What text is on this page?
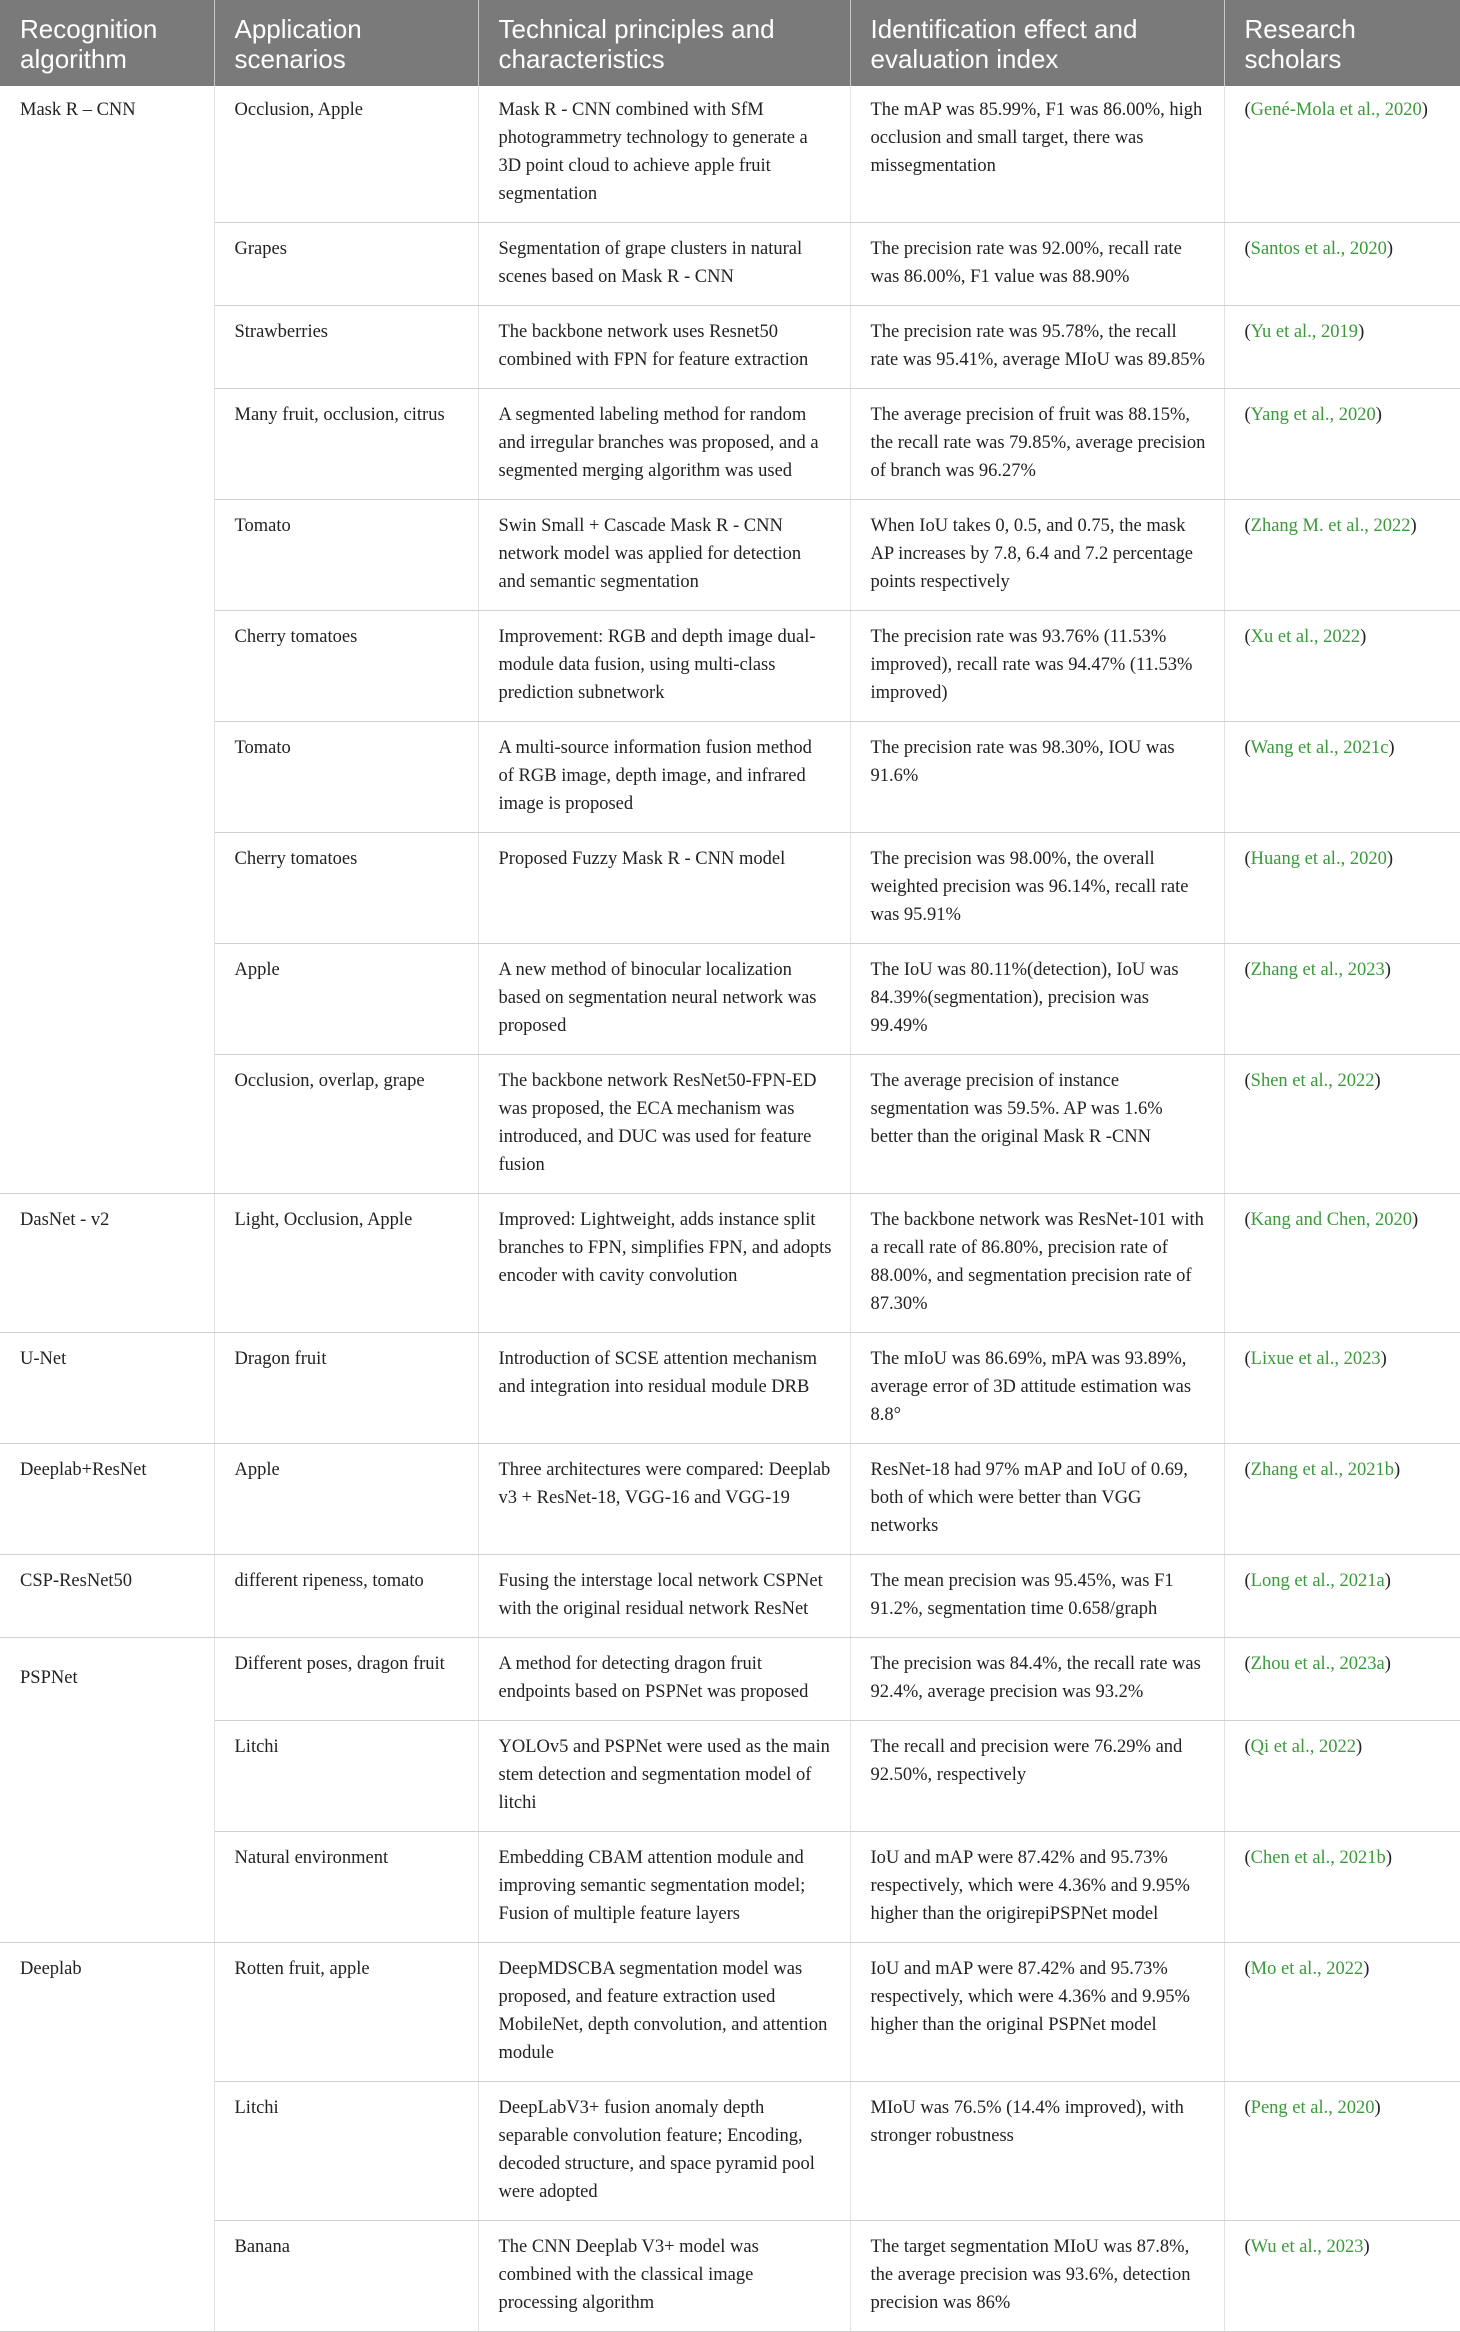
Recognition algorithm	Application scenarios	Technical principles and characteristics	Identification effect and evaluation index	Research scholars
Mask R – CNN	Occlusion, Apple	Mask R - CNN combined with SfM photogrammetry technology to generate a 3D point cloud to achieve apple fruit segmentation	The mAP was 85.99%, F1 was 86.00%, high occlusion and small target, there was missegmentation	(Gené-Mola et al., 2020)
	Grapes	Segmentation of grape clusters in natural scenes based on Mask R - CNN	The precision rate was 92.00%, recall rate was 86.00%, F1 value was 88.90%	(Santos et al., 2020)
	Strawberries	The backbone network uses Resnet50 combined with FPN for feature extraction	The precision rate was 95.78%, the recall rate was 95.41%, average MIoU was 89.85%	(Yu et al., 2019)
	Many fruit, occlusion, citrus	A segmented labeling method for random and irregular branches was proposed, and a segmented merging algorithm was used	The average precision of fruit was 88.15%, the recall rate was 79.85%, average precision of branch was 96.27%	(Yang et al., 2020)
	Tomato	Swin Small + Cascade Mask R - CNN network model was applied for detection and semantic segmentation	When IoU takes 0, 0.5, and 0.75, the mask AP increases by 7.8, 6.4 and 7.2 percentage points respectively	(Zhang M. et al., 2022)
	Cherry tomatoes	Improvement: RGB and depth image dual-module data fusion, using multi-class prediction subnetwork	The precision rate was 93.76% (11.53% improved), recall rate was 94.47% (11.53% improved)	(Xu et al., 2022)
	Tomato	A multi-source information fusion method of RGB image, depth image, and infrared image is proposed	The precision rate was 98.30%, IOU was 91.6%	(Wang et al., 2021c)
	Cherry tomatoes	Proposed Fuzzy Mask R - CNN model	The precision was 98.00%, the overall weighted precision was 96.14%, recall rate was 95.91%	(Huang et al., 2020)
	Apple	A new method of binocular localization based on segmentation neural network was proposed	The IoU was 80.11%(detection), IoU was 84.39%(segmentation), precision was 99.49%	(Zhang et al., 2023)
	Occlusion, overlap, grape	The backbone network ResNet50-FPN-ED was proposed, the ECA mechanism was introduced, and DUC was used for feature fusion	The average precision of instance segmentation was 59.5%. AP was 1.6% better than the original Mask R -CNN	(Shen et al., 2022)
DasNet - v2	Light, Occlusion, Apple	Improved: Lightweight, adds instance split branches to FPN, simplifies FPN, and adopts encoder with cavity convolution	The backbone network was ResNet-101 with a recall rate of 86.80%, precision rate of 88.00%, and segmentation precision rate of 87.30%	(Kang and Chen, 2020)
U-Net	Dragon fruit	Introduction of SCSE attention mechanism and integration into residual module DRB	The mIoU was 86.69%, mPA was 93.89%, average error of 3D attitude estimation was 8.8°	(Lixue et al., 2023)
Deeplab+ResNet	Apple	Three architectures were compared: Deeplab v3 + ResNet-18, VGG-16 and VGG-19	ResNet-18 had 97% mAP and IoU of 0.69, both of which were better than VGG networks	(Zhang et al., 2021b)
CSP-ResNet50	different ripeness, tomato	Fusing the interstage local network CSPNet with the original residual network ResNet	The mean precision was 95.45%, was F1 91.2%, segmentation time 0.658/graph	(Long et al., 2021a)
PSPNet	Different poses, dragon fruit	A method for detecting dragon fruit endpoints based on PSPNet was proposed	The precision was 84.4%, the recall rate was 92.4%, average precision was 93.2%	(Zhou et al., 2023a)
	Litchi	YOLOv5 and PSPNet were used as the main stem detection and segmentation model of litchi	The recall and precision were 76.29% and 92.50%, respectively	(Qi et al., 2022)
	Natural environment	Embedding CBAM attention module and improving semantic segmentation model; Fusion of multiple feature layers	IoU and mAP were 87.42% and 95.73% respectively, which were 4.36% and 9.95% higher than the origirepiPSPNet model	(Chen et al., 2021b)
Deeplab	Rotten fruit, apple	DeepMDSCBA segmentation model was proposed, and feature extraction used MobileNet, depth convolution, and attention module	IoU and mAP were 87.42% and 95.73% respectively, which were 4.36% and 9.95% higher than the original PSPNet model	(Mo et al., 2022)
	Litchi	DeepLabV3+ fusion anomaly depth separable convolution feature; Encoding, decoded structure, and space pyramid pool were adopted	MIoU was 76.5% (14.4% improved), with stronger robustness	(Peng et al., 2020)
	Banana	The CNN Deeplab V3+ model was combined with the classical image processing algorithm	The target segmentation MIoU was 87.8%, the average precision was 93.6%, detection precision was 86%	(Wu et al., 2023)
